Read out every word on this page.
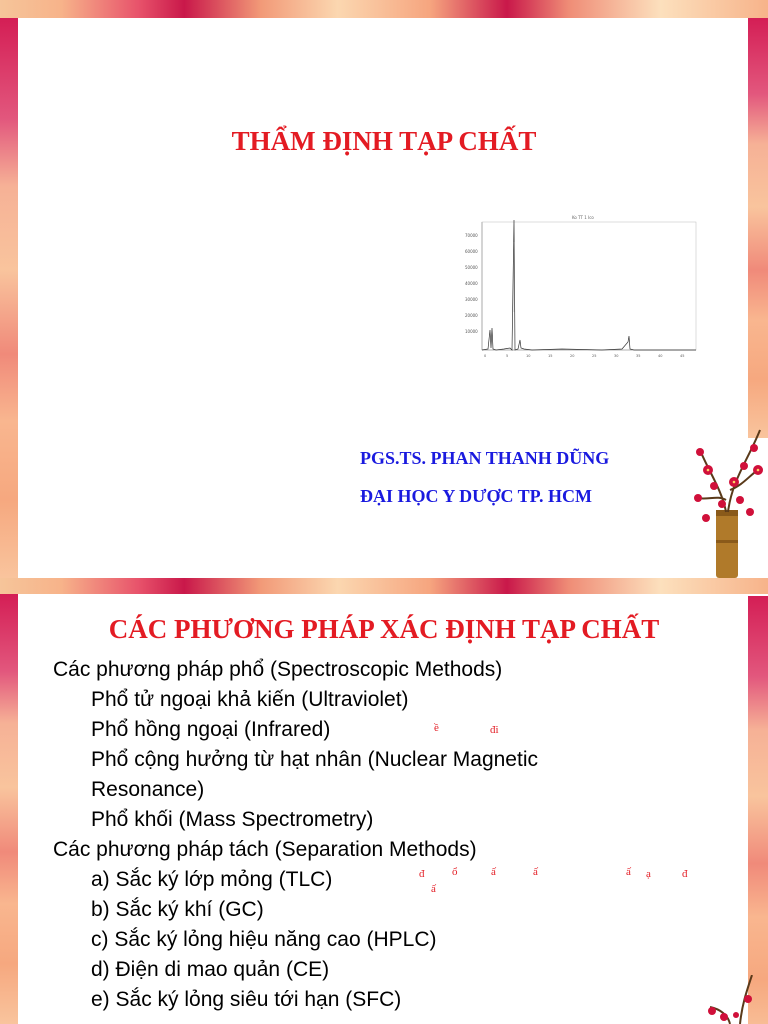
THẨM ĐỊNH TẠP CHẤT
Ko TT 1 Ico
70000
60000
50000
40000
30000
20000
10000
0	5	10	15	20	25	30	35	40	45
PGS.TS. PHAN THANH DŨNG
ĐẠI HỌC Y DƯỢC TP. HCM
CÁC PHƯƠNG PHÁP XÁC ĐỊNH TẠP CHẤT
Các phương pháp phổ (Spectroscopic Methods)
Phổ tử ngoại khả kiến (Ultraviolet)
Phổ hồng ngoại (Infrared)
Phổ cộng hưởng từ hạt nhân (Nuclear Magnetic
Resonance)
Phổ khối (Mass Spectrometry)
Các phương pháp tách (Separation Methods)
a) Sắc ký lớp mỏng (TLC)
b) Sắc ký khí (GC)
c) Sắc ký lỏng hiệu năng cao (HPLC)
d) Điện di mao quản (CE)
e) Sắc ký lỏng siêu tới hạn (SFC)
ề	đi
đ	ổ	ấ	ấ	ấ ạ	đ
ấ
